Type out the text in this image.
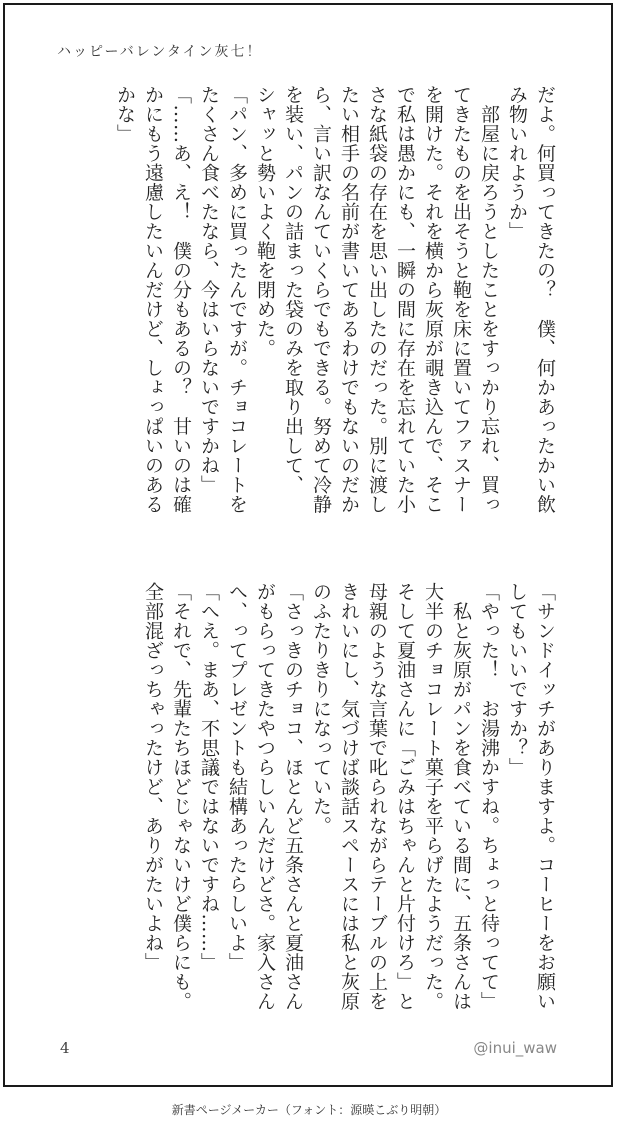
ハッピーバレンタイン灰七！
だよ。何買ってきたの？　僕、何かあったかい飲
み物いれようか」
　部屋に戻ろうとしたことをすっかり忘れ、買っ
てきたものを出そうと鞄を床に置いてファスナー
を開けた。それを横から灰原が覗き込んで、そこ
で私は愚かにも、一瞬の間に存在を忘れていた小
さな紙袋の存在を思い出したのだった。別に渡し
たい相手の名前が書いてあるわけでもないのだか
ら、言い訳なんていくらでもできる。努めて冷静
を装い、パンの詰まった袋のみを取り出して、
シャッと勢いよく鞄を閉めた。
「パン、多めに買ったんですが。チョコレートを
たくさん食べたなら、今はいらないですかね」
「……あ、え！　僕の分もあるの？　甘いのは確
かにもう遠慮したいんだけど、しょっぱいのある
かな」
「サンドイッチがありますよ。コーヒーをお願い
してもいいですか？」
「やった！　お湯沸かすね。ちょっと待ってて」
　私と灰原がパンを食べている間に、五条さんは
大半のチョコレート菓子を平らげたようだった。
そして夏油さんに「ごみはちゃんと片付けろ」と
母親のような言葉で叱られながらテーブルの上を
きれいにし、気づけば談話スペースには私と灰原
のふたりきりになっていた。
「さっきのチョコ、ほとんど五条さんと夏油さん
がもらってきたやつらしいんだけどさ。家入さん
へ、ってプレゼントも結構あったらしいよ」
「へえ。まあ、不思議ではないですね……」
「それで、先輩たちほどじゃないけど僕らにも。
全部混ざっちゃったけど、ありがたいよね」
4	@inui_waw
新書ページメーカー（フォント：源暎こぶり明朝）
